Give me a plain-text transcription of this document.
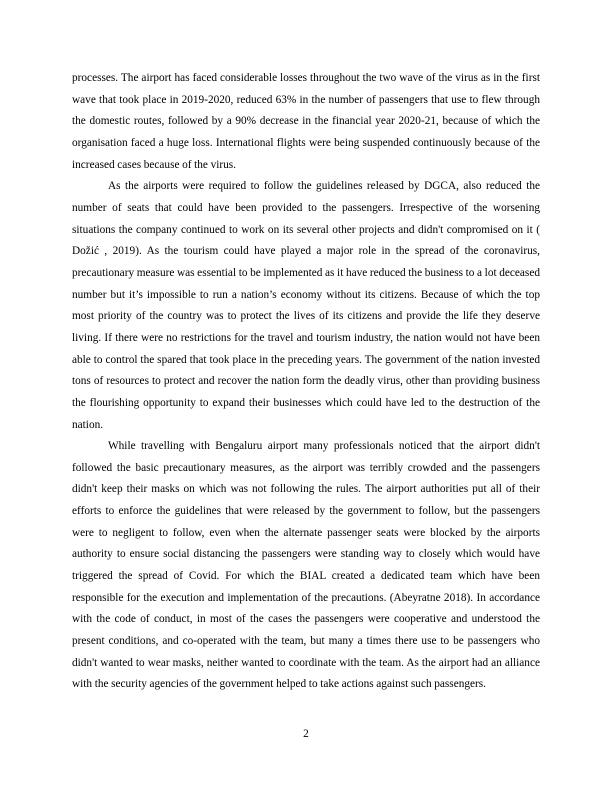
processes. The airport has faced considerable losses throughout the two wave of the virus as in the first wave that took place in 2019-2020, reduced 63% in the number of passengers that use to flew through the domestic routes, followed by a 90% decrease in the financial year 2020-21, because of which the organisation faced a huge loss. International flights were being suspended continuously because of the increased cases because of the virus.

As the airports were required to follow the guidelines released by DGCA, also reduced the number of seats that could have been provided to the passengers. Irrespective of the worsening situations the company continued to work on its several other projects and didn't compromised on it ( Dožić , 2019). As the tourism could have played a major role in the spread of the coronavirus, precautionary measure was essential to be implemented as it have reduced the business to a lot deceased number but it’s impossible to run a nation’s economy without its citizens. Because of which the top most priority of the country was to protect the lives of its citizens and provide the life they deserve living. If there were no restrictions for the travel and tourism industry, the nation would not have been able to control the spared that took place in the preceding years. The government of the nation invested tons of resources to protect and recover the nation form the deadly virus, other than providing business the flourishing opportunity to expand their businesses which could have led to the destruction of the nation.

While travelling with Bengaluru airport many professionals noticed that the airport didn't followed the basic precautionary measures, as the airport was terribly crowded and the passengers didn't keep their masks on which was not following the rules. The airport authorities put all of their efforts to enforce the guidelines that were released by the government to follow, but the passengers were to negligent to follow, even when the alternate passenger seats were blocked by the airports authority to ensure social distancing the passengers were standing way to closely which would have triggered the spread of Covid. For which the BIAL created a dedicated team which have been responsible for the execution and implementation of the precautions. (Abeyratne 2018). In accordance with the code of conduct, in most of the cases the passengers were cooperative and understood the present conditions, and co-operated with the team, but many a times there use to be passengers who didn't wanted to wear masks, neither wanted to coordinate with the team. As the airport had an alliance with the security agencies of the government helped to take actions against such passengers.

2
